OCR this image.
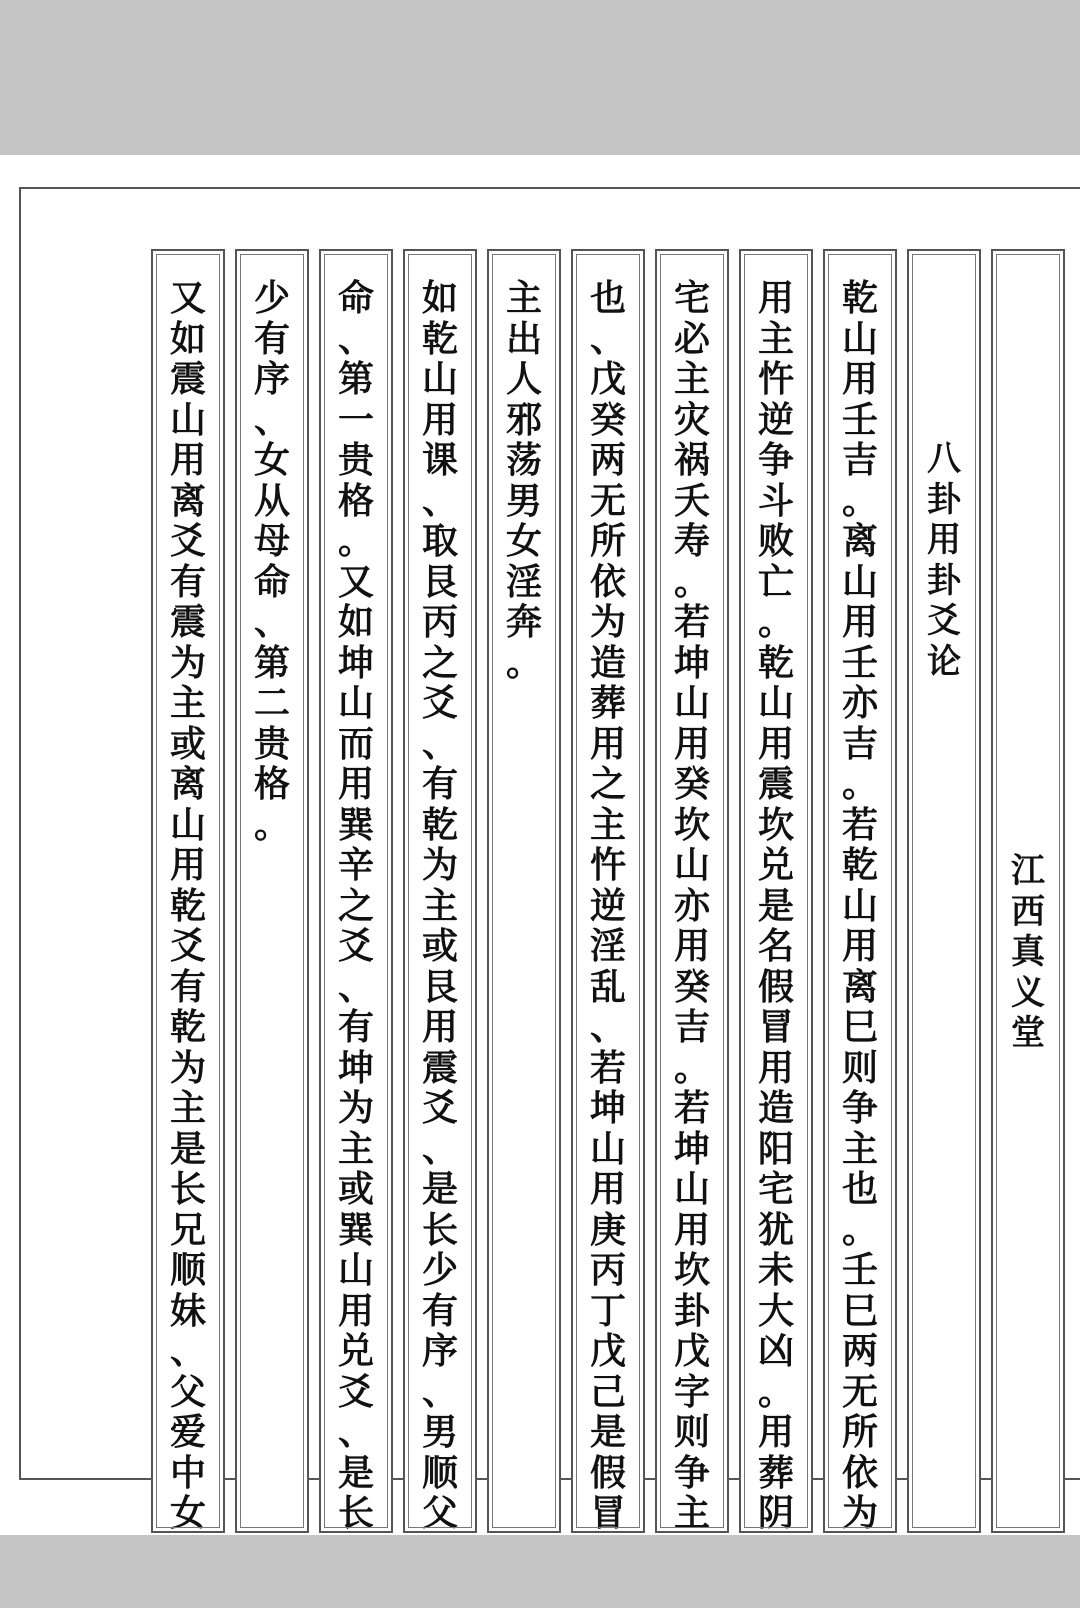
江
西
真
义
堂
八
卦
用
卦
爻
论
乾
山
用
壬
吉
。
离
山
用
壬
亦
吉
。
若
乾
山
用
离
巳
则
争
主
也
。
壬
巳
两
无
所
依
为
用
主
忤
逆
争
斗
败
亡
。
乾
山
用
震
坎
兑
是
名
假
冒
用
造
阳
宅
犹
未
大
凶
。
用
葬
阴
宅
必
主
灾
祸
夭
寿
。
若
坤
山
用
癸
坎
山
亦
用
癸
吉
。
若
坤
山
用
坎
卦
戊
字
则
争
主
也
、
戊
癸
两
无
所
依
为
造
葬
用
之
主
忤
逆
淫
乱
、
若
坤
山
用
庚
丙
丁
戊
己
是
假
冒
主
出
人
邪
荡
男
女
淫
奔
。
如
乾
山
用
课
、
取
艮
丙
之
爻
、
有
乾
为
主
或
艮
用
震
爻
、
是
长
少
有
序
、
男
顺
父
命
、
第
一
贵
格
。
又
如
坤
山
而
用
巽
辛
之
爻
、
有
坤
为
主
或
巽
山
用
兑
爻
、
是
长
少
有
序
、
女
从
母
命
、
第
二
贵
格
。
又
如
震
山
用
离
爻
有
震
为
主
或
离
山
用
乾
爻
有
乾
为
主
是
长
兄
顺
妹
、
父
爱
中
女
